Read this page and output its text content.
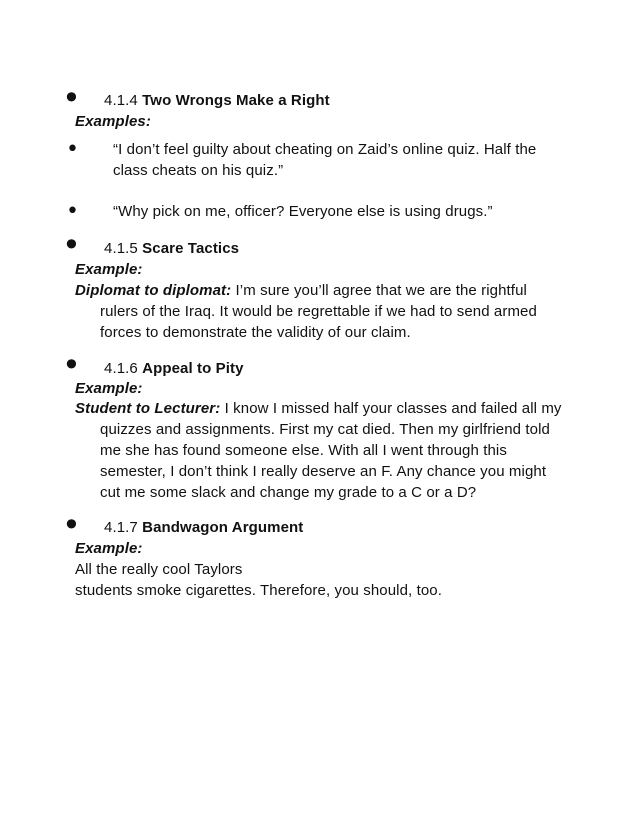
• 4.1.4 Two Wrongs Make a Right
Examples:
• “I don’t feel guilty about cheating on Zaid’s online quiz. Half the
class cheats on his quiz.”
• “Why pick on me, officer? Everyone else is using drugs.”
• 4.1.5 Scare Tactics
Example:
Diplomat to diplomat: I’m sure you’ll agree that we are the rightful
rulers of the Iraq. It would be regrettable if we had to send armed
forces to demonstrate the validity of our claim.
• 4.1.6 Appeal to Pity
Example:
Student to Lecturer: I know I missed half your classes and failed all my
quizzes and assignments. First my cat died. Then my girlfriend told
me she has found someone else. With all I went through this
semester, I don’t think I really deserve an F. Any chance you might
cut me some slack and change my grade to a C or a D?
• 4.1.7 Bandwagon Argument
Example:
All the really cool Taylors
students smoke cigarettes. Therefore, you should, too.
